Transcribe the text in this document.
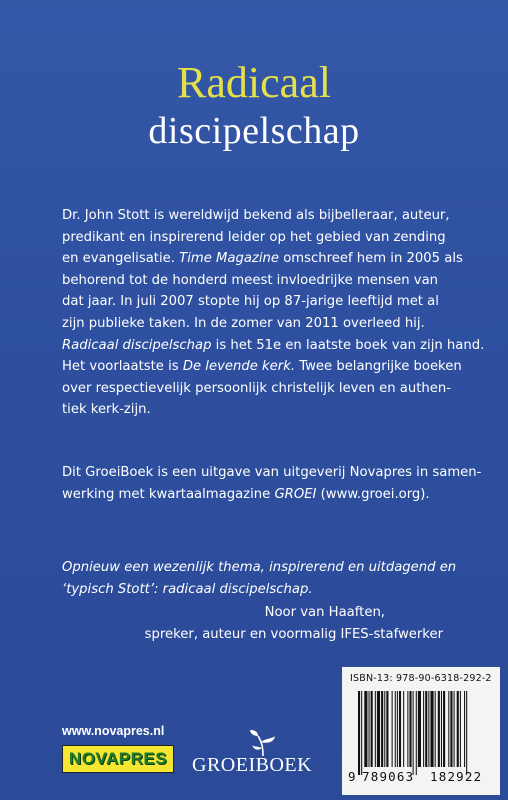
Radicaal
discipelschap
Dr. John Stott is wereldwijd bekend als bijbelleraar, auteur,
predikant en inspirerend leider op het gebied van zending
en evangelisatie. Time Magazine omschreef hem in 2005 als
behorend tot de honderd meest invloedrijke mensen van
dat jaar. In juli 2007 stopte hij op 87-jarige leeftijd met al
zijn publieke taken. In de zomer van 2011 overleed hij.
Radicaal discipelschap is het 51e en laatste boek van zijn hand.
Het voorlaatste is De levende kerk. Twee belangrijke boeken
over respectievelijk persoonlijk christelijk leven en authen-
tiek kerk-zijn.
Dit GroeiBoek is een uitgave van uitgeverij Novapres in samen-
werking met kwartaalmagazine GROEI (www.groei.org).
Opnieuw een wezenlijk thema, inspirerend en uitdagend en
‘typisch Stott’: radicaal discipelschap.
Noor van Haaften,
spreker, auteur en voormalig IFES-stafwerker
www.novapres.nl
NOVAPRES GROEIBOEK
ISBN-13: 978-90-6318-292-2
9 789063 182922
